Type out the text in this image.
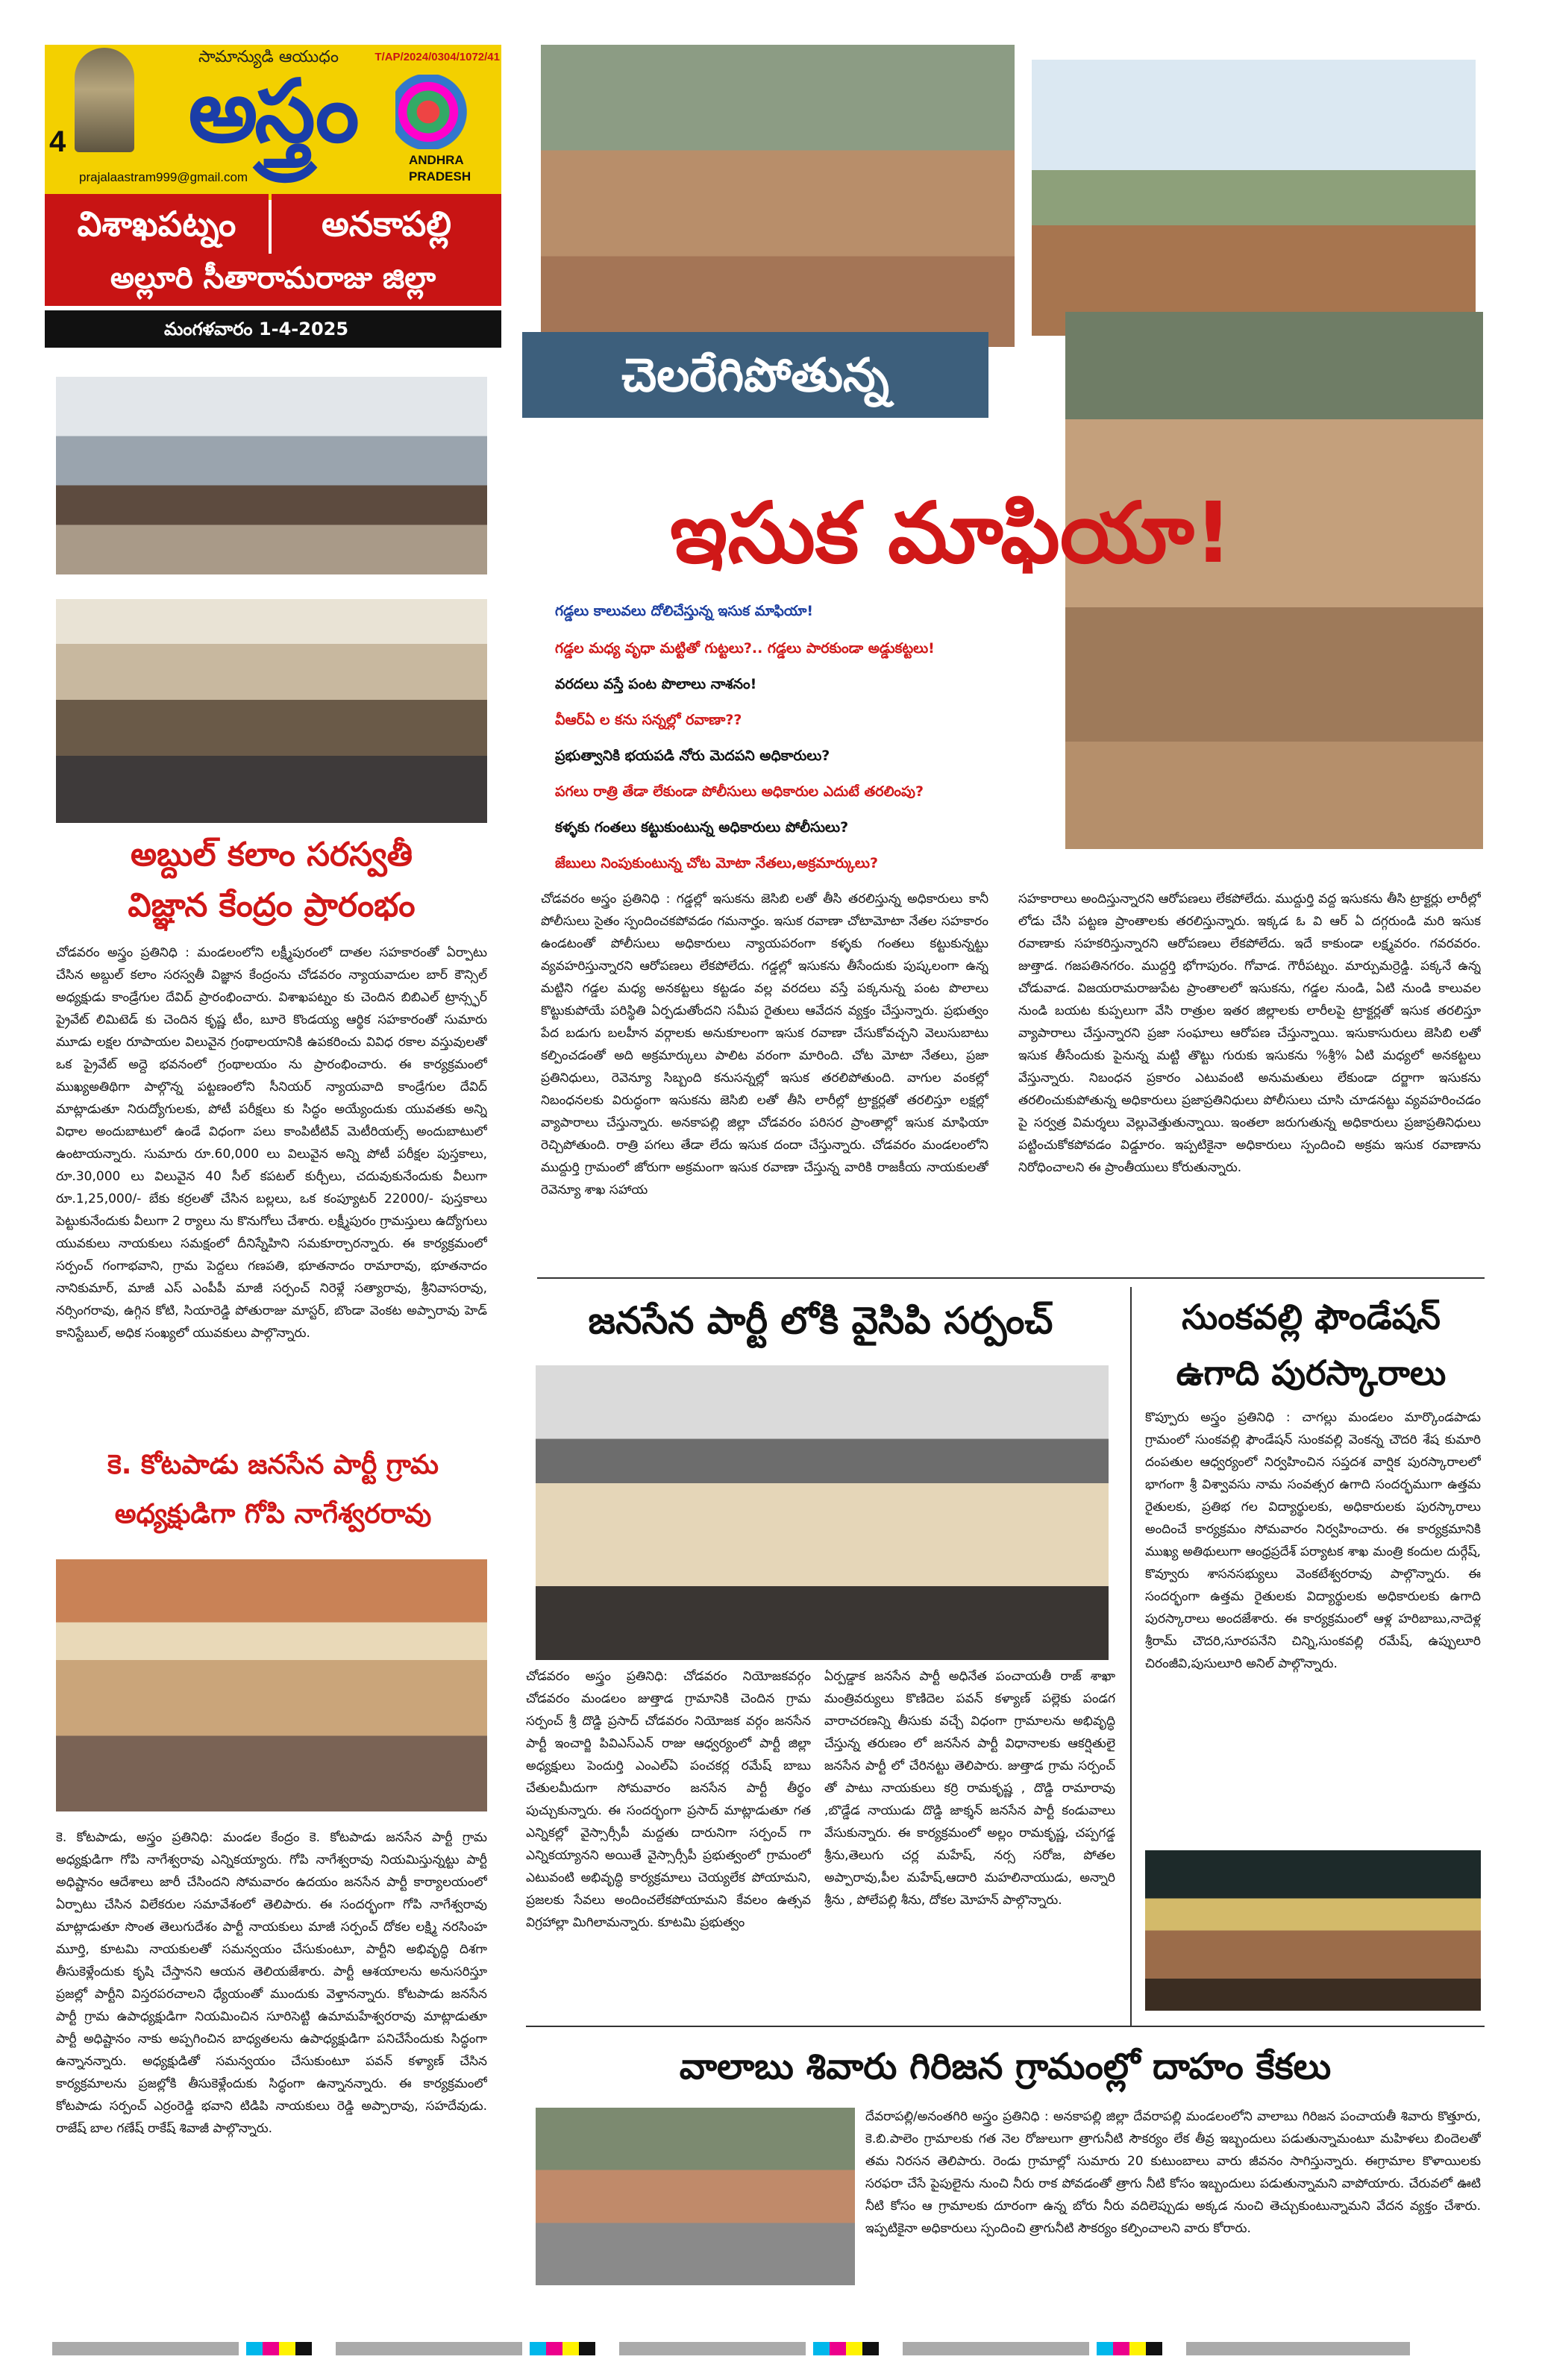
4
సామాన్యుడి ఆయుధం
అస్త్రం
T/AP/2024/0304/1072/41
ANDHRA PRADESH
prajalaastram999@gmail.com
విశాఖపట్నం	అనకాపల్లి
అల్లూరి సీతారామరాజు జిల్లా
మంగళవారం 1-4-2025
అబ్దుల్ కలాం సరస్వతీ
విజ్ఞాన కేంద్రం ప్రారంభం
చోడవరం అస్త్రం ప్రతినిధి : మండలంలోని లక్ష్మీపురంలో దాతల సహకారంతో ఏర్పాటు చేసిన అబ్దుల్ కలాం సరస్వతీ విజ్ఞాన కేంద్రంను చోడవరం న్యాయవాదుల బార్ కౌన్సిల్ అధ్యక్షుడు కాండ్రేగుల దేవిద్ ప్రారంభించారు. విశాఖపట్నం కు చెందిన బిబిఎల్ ట్రాన్స్ఫర్ ప్రైవేట్ లిమిటెడ్ కు చెందిన కృష్ణ టీం, బూరె కొండయ్య ఆర్థిక సహకారంతో సుమారు మూడు లక్షల రూపాయల విలువైన గ్రంథాలయానికి ఉపకరించు వివిధ రకాల వస్తువులతో ఒక ప్రైవేట్ అద్దె భవనంలో గ్రంథాలయం ను ప్రారంభించారు. ఈ కార్యక్రమంలో ముఖ్యఅతిథిగా పాల్గొన్న పట్టణంలోని సీనియర్ న్యాయవాది కాండ్రేగుల దేవిద్ మాట్లాడుతూ నిరుద్యోగులకు, పోటీ పరీక్షలు కు సిద్ధం అయ్యేందుకు యువతకు అన్ని విధాల అందుబాటులో ఉండే విధంగా పలు కాంపిటీటివ్ మెటీరియల్స్ అందుబాటులో ఉంటాయన్నారు. సుమారు రూ.60,000 లు విలువైన అన్ని పోటీ పరీక్షల పుస్తకాలు, రూ.30,000 లు విలువైన 40 సీల్ కపటల్ కుర్చీలు, చదువుకునేందుకు వీలుగా రూ.1,25,000/- బేకు కర్రలతో చేసిన బల్లలు, ఒక కంప్యూటర్ 22000/- పుస్తకాలు పెట్టుకునేందుకు వీలుగా 2 ర్యాలు ను కొనుగోలు చేశారు. లక్ష్మీపురం గ్రామస్తులు ఉద్యోగులు యువకులు నాయకులు సమక్షంలో దీనిస్నేహిని సమకూర్చారన్నారు. ఈ కార్యక్రమంలో సర్పంచ్ గంగాభవాని, గ్రామ పెద్దలు గణపతి, భూతనాదం రామారావు, భూతనాదం నానికుమార్, మాజీ ఎస్ ఎంపీపీ మాజీ సర్పంచ్ నిరెళ్లే సత్యారావు, శ్రీనివాసరావు, నర్సింగరావు, ఉగ్గిన కోటి, సియారెడ్డి పోతురాజు మాస్టర్, బొండా వెంకట అప్పారావు హెడ్ కానిస్టేబుల్, అధిక సంఖ్యలో యువకులు పాల్గొన్నారు.
కె. కోటపాడు జనసేన పార్టీ గ్రామ
అధ్యక్షుడిగా గోపి నాగేశ్వరరావు
కె. కోటపాడు, అస్త్రం ప్రతినిధి: మండల కేంద్రం కె. కోటపాడు జనసేన పార్టీ గ్రామ అధ్యక్షుడిగా గోపి నాగేశ్వరావు ఎన్నికయ్యారు. గోపి నాగేశ్వరావు నియమిస్తున్నట్టు పార్టీ అధిష్టానం ఆదేశాలు జారీ చేసిందని సోమవారం ఉదయం జనసేన పార్టీ కార్యాలయంలో ఏర్పాటు చేసిన విలేకరుల సమావేశంలో తెలిపారు. ఈ సందర్భంగా గోపి నాగేశ్వరావు మాట్లాడుతూ సొంత తెలుగుదేశం పార్టీ నాయకులు మాజీ సర్పంచ్ దోకల లక్ష్మి నరసింహ మూర్తి, కూటమి నాయకులతో సమన్వయం చేసుకుంటూ, పార్టీని అభివృద్ధి దిశగా తీసుకెళ్లేందుకు కృషి చేస్తానని ఆయన తెలియజేశారు. పార్టీ ఆశయాలను అనుసరిస్తూ ప్రజల్లో పార్టీని విస్తరపరచాలని ధ్యేయంతో ముందుకు వెళ్తానన్నారు. కోటపాడు జనసేన పార్టీ గ్రామ ఉపాధ్యక్షుడిగా నియమించిన సూరిసెట్టి ఉమామహేశ్వరరావు మాట్లాడుతూ పార్టీ అధిష్టానం నాకు అప్పగించిన బాధ్యతలను ఉపాధ్యక్షుడిగా పనిచేసేందుకు సిద్ధంగా ఉన్నానన్నారు. అధ్యక్షుడితో సమన్వయం చేసుకుంటూ పవన్ కళ్యాణ్ చేసిన కార్యక్రమాలను ప్రజల్లోకి తీసుకెళ్లేందుకు సిద్ధంగా ఉన్నానన్నారు. ఈ కార్యక్రమంలో కోటపాడు సర్పంచ్ ఎర్రంరెడ్డి భవాని టిడిపి నాయకులు రెడ్డి అప్పారావు, సహదేవుడు. రాజేష్ బాల గణేష్ రాకేష్ శివాజీ పాల్గొన్నారు.
చెలరేగిపోతున్న
ఇసుక మాఫియా!
గడ్డలు కాలువలు దోలిచేస్తున్న ఇసుక మాఫియా!
గడ్డల మధ్య వృధా మట్టితో గుట్టలు?.. గడ్డలు పారకుండా అడ్డుకట్టలు!
వరదలు వస్తే పంట పొలాలు నాశనం!
వీఆర్ఏ ల కను సన్నల్లో రవాణా??
ప్రభుత్వానికి భయపడి నోరు మెదపని అధికారులు?
పగలు రాత్రి తేడా లేకుండా పోలీసులు అధికారుల ఎదుటే తరలింపు?
కళ్ళకు గంతలు కట్టుకుంటున్న అధికారులు పోలీసులు?
జేబులు నింపుకుంటున్న చోట మోటా నేతలు,అక్రమార్కులు?
చోడవరం అస్త్రం ప్రతినిధి : గడ్డల్లో ఇసుకను జెసిబి లతో తీసి తరలిస్తున్న అధికారులు కానీ పోలీసులు సైతం స్పందించకపోవడం గమనార్హం. ఇసుక రవాణా చోటామోటా నేతల సహకారం ఉండటంతో పోలీసులు అధికారులు న్యాయపరంగా కళ్ళకు గంతలు కట్టుకున్నట్టు వ్యవహరిస్తున్నారని ఆరోపణలు లేకపోలేదు. గడ్డల్లో ఇసుకను తీసేందుకు పుష్కలంగా ఉన్న మట్టిని గడ్డల మధ్య అనకట్టలు కట్టడం వల్ల వరదలు వస్తే పక్కనున్న పంట పొలాలు కొట్టుకుపోయే పరిస్థితి ఏర్పడుతోందని సమీప రైతులు ఆవేదన వ్యక్తం చేస్తున్నారు. ప్రభుత్వం పేద బడుగు బలహీన వర్గాలకు అనుకూలంగా ఇసుక రవాణా చేసుకోవచ్చని వెలుసుబాటు కల్పించడంతో అది అక్రమార్కులు పాలిట వరంగా మారింది. చోట మోటా నేతలు, ప్రజా ప్రతినిధులు, రెవెన్యూ సిబ్బంది కనుసన్నల్లో ఇసుక తరలిపోతుంది. వాగుల వంకల్లో నిబంధనలకు విరుద్ధంగా ఇసుకను జెసిబి లతో తీసి లారీల్లో ట్రాక్టర్లతో తరలిస్తూ లక్షల్లో వ్యాపారాలు చేస్తున్నారు. అనకాపల్లి జిల్లా చోడవరం పరిసర ప్రాంతాల్లో ఇసుక మాఫియా రెచ్చిపోతుంది. రాత్రి పగలు తేడా లేదు ఇసుక దందా చేస్తున్నారు. చోడవరం మండలంలోని ముద్దుర్తి గ్రామంలో జోరుగా అక్రమంగా ఇసుక రవాణా చేస్తున్న వారికి రాజకీయ నాయకులతో రెవెన్యూ శాఖ సహాయ
సహకారాలు అందిస్తున్నారని ఆరోపణలు లేకపోలేదు. ముద్దుర్తి వద్ద ఇసుకను తీసి ట్రాక్టర్లు లారీల్లో లోడు చేసి పట్టణ ప్రాంతాలకు తరలిస్తున్నారు. ఇక్కడ ఓ వి ఆర్ ఏ దగ్గరుండి మరి ఇసుక రవాణాకు సహకరిస్తున్నారని ఆరోపణలు లేకపోలేదు. ఇదే కాకుండా లక్ష్మవరం. గవరవరం. జుత్తాడ. గజపతినగరం. ముద్దర్తి భోగాపురం. గోవాడ. గౌరీపట్నం. మార్పుమర్రెడ్డి. పక్కనే ఉన్న చోడువాడ. విజయరామరాజుపేట ప్రాంతాలలో ఇసుకను, గడ్డల నుండి, ఏటి నుండి కాలువల నుండి బయట కుప్పలుగా వేసి రాత్రుల ఇతర జిల్లాలకు లారీలపై ట్రాక్టర్లతో ఇసుక తరలిస్తూ వ్యాపారాలు చేస్తున్నారని ప్రజా సంఘాలు ఆరోపణ చేస్తున్నాయి. ఇసుకాసురులు జెసిబి లతో ఇసుక తీసేందుకు పైనున్న మట్టి తొట్టు గురుకు ఇసుకను %శ్రీ% ఏటి మధ్యలో అనకట్టలు వేస్తున్నారు. నిబంధన ప్రకారం ఎటువంటి అనుమతులు లేకుండా దర్జాగా ఇసుకను తరలించుకుపోతున్న అధికారులు ప్రజాప్రతినిధులు పోలీసులు చూసి చూడనట్టు వ్యవహరించడం పై సర్వత్ర విమర్శలు వెల్లువెత్తుతున్నాయి. ఇంతలా జరుగుతున్న అధికారులు ప్రజాప్రతినిధులు పట్టించుకోకపోవడం విడ్డూరం. ఇప్పటికైనా అధికారులు స్పందించి అక్రమ ఇసుక రవాణాను నిరోధించాలని ఈ ప్రాంతీయులు కోరుతున్నారు.
జనసేన పార్టీ లోకి వైసిపి సర్పంచ్
చోడవరం అస్త్రం ప్రతినిధి: చోడవరం నియోజకవర్గం చోడవరం మండలం జుత్తాడ గ్రామానికి చెందిన గ్రామ సర్పంచ్ శ్రీ దొడ్డి ప్రసాద్ చోడవరం నియోజక వర్గం జనసేన పార్టీ ఇంచార్జి పివిఎస్ఎన్ రాజు ఆధ్వర్యంలో పార్టీ జిల్లా అధ్యక్షులు పెందుర్తి ఎంఎల్ఏ పంచకర్ల రమేష్ బాబు చేతులమీదుగా సోమవారం జనసేన పార్టీ తీర్థం పుచ్చుకున్నారు. ఈ సందర్భంగా ప్రసాద్ మాట్లాడుతూ గత ఎన్నికల్లో వైస్సార్సీపీ మద్దతు దారునిగా సర్పంచ్ గా ఎన్నికయ్యానని అయితే వైస్సార్సీపీ ప్రభుత్వంలో గ్రామంలో ఎటువంటి అభివృద్ధి కార్యక్రమాలు చెయ్యలేక పోయామని, ప్రజలకు సేవలు అందించలేకపోయామని కేవలం ఉత్సవ విగ్రహాల్లా మిగిలామన్నారు. కూటమి ప్రభుత్వం
ఏర్పడ్డాక జనసేన పార్టీ అధినేత పంచాయతీ రాజ్ శాఖా మంత్రివర్యులు కొణిదెల పవన్ కళ్యాణ్ పల్లెకు పండగ వారాచరణన్ని తీసుకు వచ్చే విధంగా గ్రామాలను అభివృద్ధి చేస్తున్న తరుణం లో జనసేన పార్టీ విధానాలకు ఆకర్షితులై జనసేన పార్టీ లో చేరినట్టు తెలిపారు. జుత్తాడ గ్రామ సర్పంచ్ తో పాటు నాయకులు కర్రి రామకృష్ణ , దొడ్డి రామారావు ,బొడ్డేడ నాయుడు దొడ్డి జాక్శన్ జనసేన పార్టీ కండువాలు వేసుకున్నారు. ఈ కార్యక్రమంలో అల్లం రామకృష్ణ, చప్పగడ్డ శ్రీను,తెలుగు చర్ల మహేష్, నర్స సరోజ, పోతల అప్పారావు,పీల మహేష్,ఆదారి మహలినాయుడు, అన్నారి శ్రీను , పోలేపల్లి శీను, దోకల మోహన్ పాల్గొన్నారు.
సుంకవల్లి ఫౌండేషన్
ఉగాది పురస్కారాలు
కొప్పూరు అస్త్రం ప్రతినిధి : చాగల్లు మండలం మార్కొండపాడు గ్రామంలో సుంకవల్లి ఫౌండేషన్ సుంకవల్లి వెంకన్న చౌదరి శేష కుమారి దంపతుల ఆధ్వర్యంలో నిర్వహించిన సప్తదశ వార్షిక పురస్కారాలలో భాగంగా శ్రీ విశ్వావసు నామ సంవత్సర ఉగాది సందర్భముగా ఉత్తమ రైతులకు, ప్రతిభ గల విద్యార్థులకు, అధికారులకు పురస్కారాలు అందించే కార్యక్రమం సోమవారం నిర్వహించారు. ఈ కార్యక్రమానికి ముఖ్య అతిథులుగా ఆంధ్రప్రదేశ్ పర్యాటక శాఖ మంత్రి కందుల దుర్గేష్, కొవ్వూరు శాసనసభ్యులు వెంకటేశ్వరరావు పాల్గొన్నారు. ఈ సందర్భంగా ఉత్తమ రైతులకు విద్యార్థులకు అధికారులకు ఉగాది పురస్కారాలు అందజేశారు. ఈ కార్యక్రమంలో ఆళ్ల హరిబాబు,నాదెళ్ల శ్రీరామ్ చౌదరి,సూరపనేని చిన్ని,సుంకవల్లి రమేష్, ఉప్పులూరి చిరంజీవి,పుసులూరి అనిల్ పాల్గొన్నారు.
వాలాబు శివారు గిరిజన గ్రామంల్లో దాహం కేకలు
దేవరాపల్లి/అనంతగిరి అస్త్రం ప్రతినిధి : అనకాపల్లి జిల్లా దేవరాపల్లి మండలంలోని వాలాబు గిరిజన పంచాయతీ శివారు కొత్తూరు, కె.బి.పాలెం గ్రామాలకు గత నెల రోజులుగా త్రాగునీటి సౌకర్యం లేక తీవ్ర ఇబ్బందులు పడుతున్నామంటూ మహిళలు బిందెలతో తమ నిరసన తెలిపారు. రెండు గ్రామాల్లో సుమారు 20 కుటుంబాలు వారు జీవనం సాగిస్తున్నారు. ఈగ్రామాల కొళాయిలకు సరఫరా చేసే పైపులైను నుంచి నీరు రాక పోవడంతో త్రాగు నీటి కోసం ఇబ్బందులు పడుతున్నామని వాపోయారు. చేరువలో ఊటి నీటి కోసం ఆ గ్రామాలకు దూరంగా ఉన్న బోరు నీరు వదిలెప్పుడు అక్కడ నుంచి తెచ్చుకుంటున్నామని వేదన వ్యక్తం చేశారు. ఇప్పటికైనా అధికారులు స్పందించి త్రాగునీటి సౌకర్యం కల్పించాలని వారు కోరారు.
